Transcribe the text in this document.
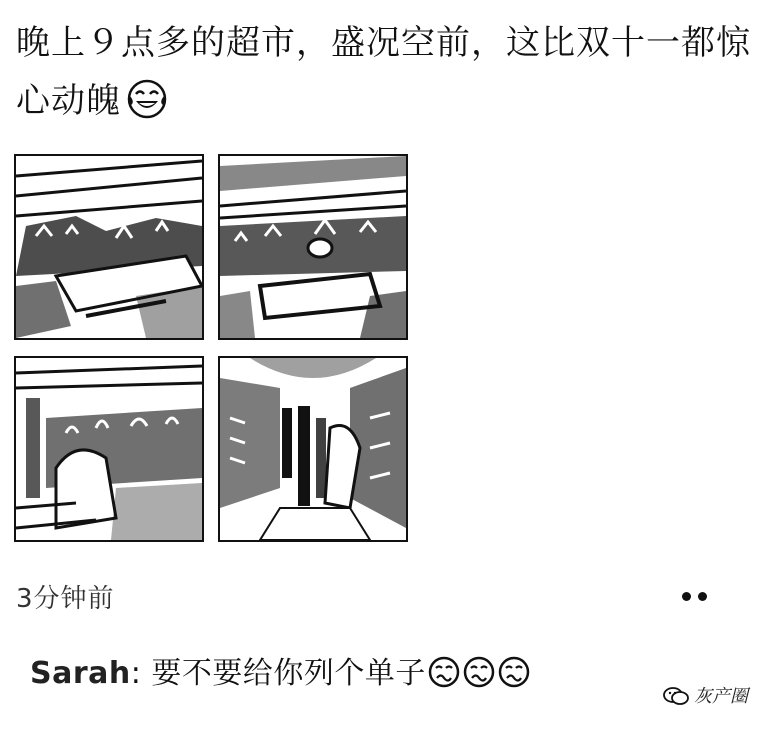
晚上９点多的超市，盛况空前，这比双十一都惊心动魄
3分钟前
Sarah: 要不要给你列个单子
灰产圈
